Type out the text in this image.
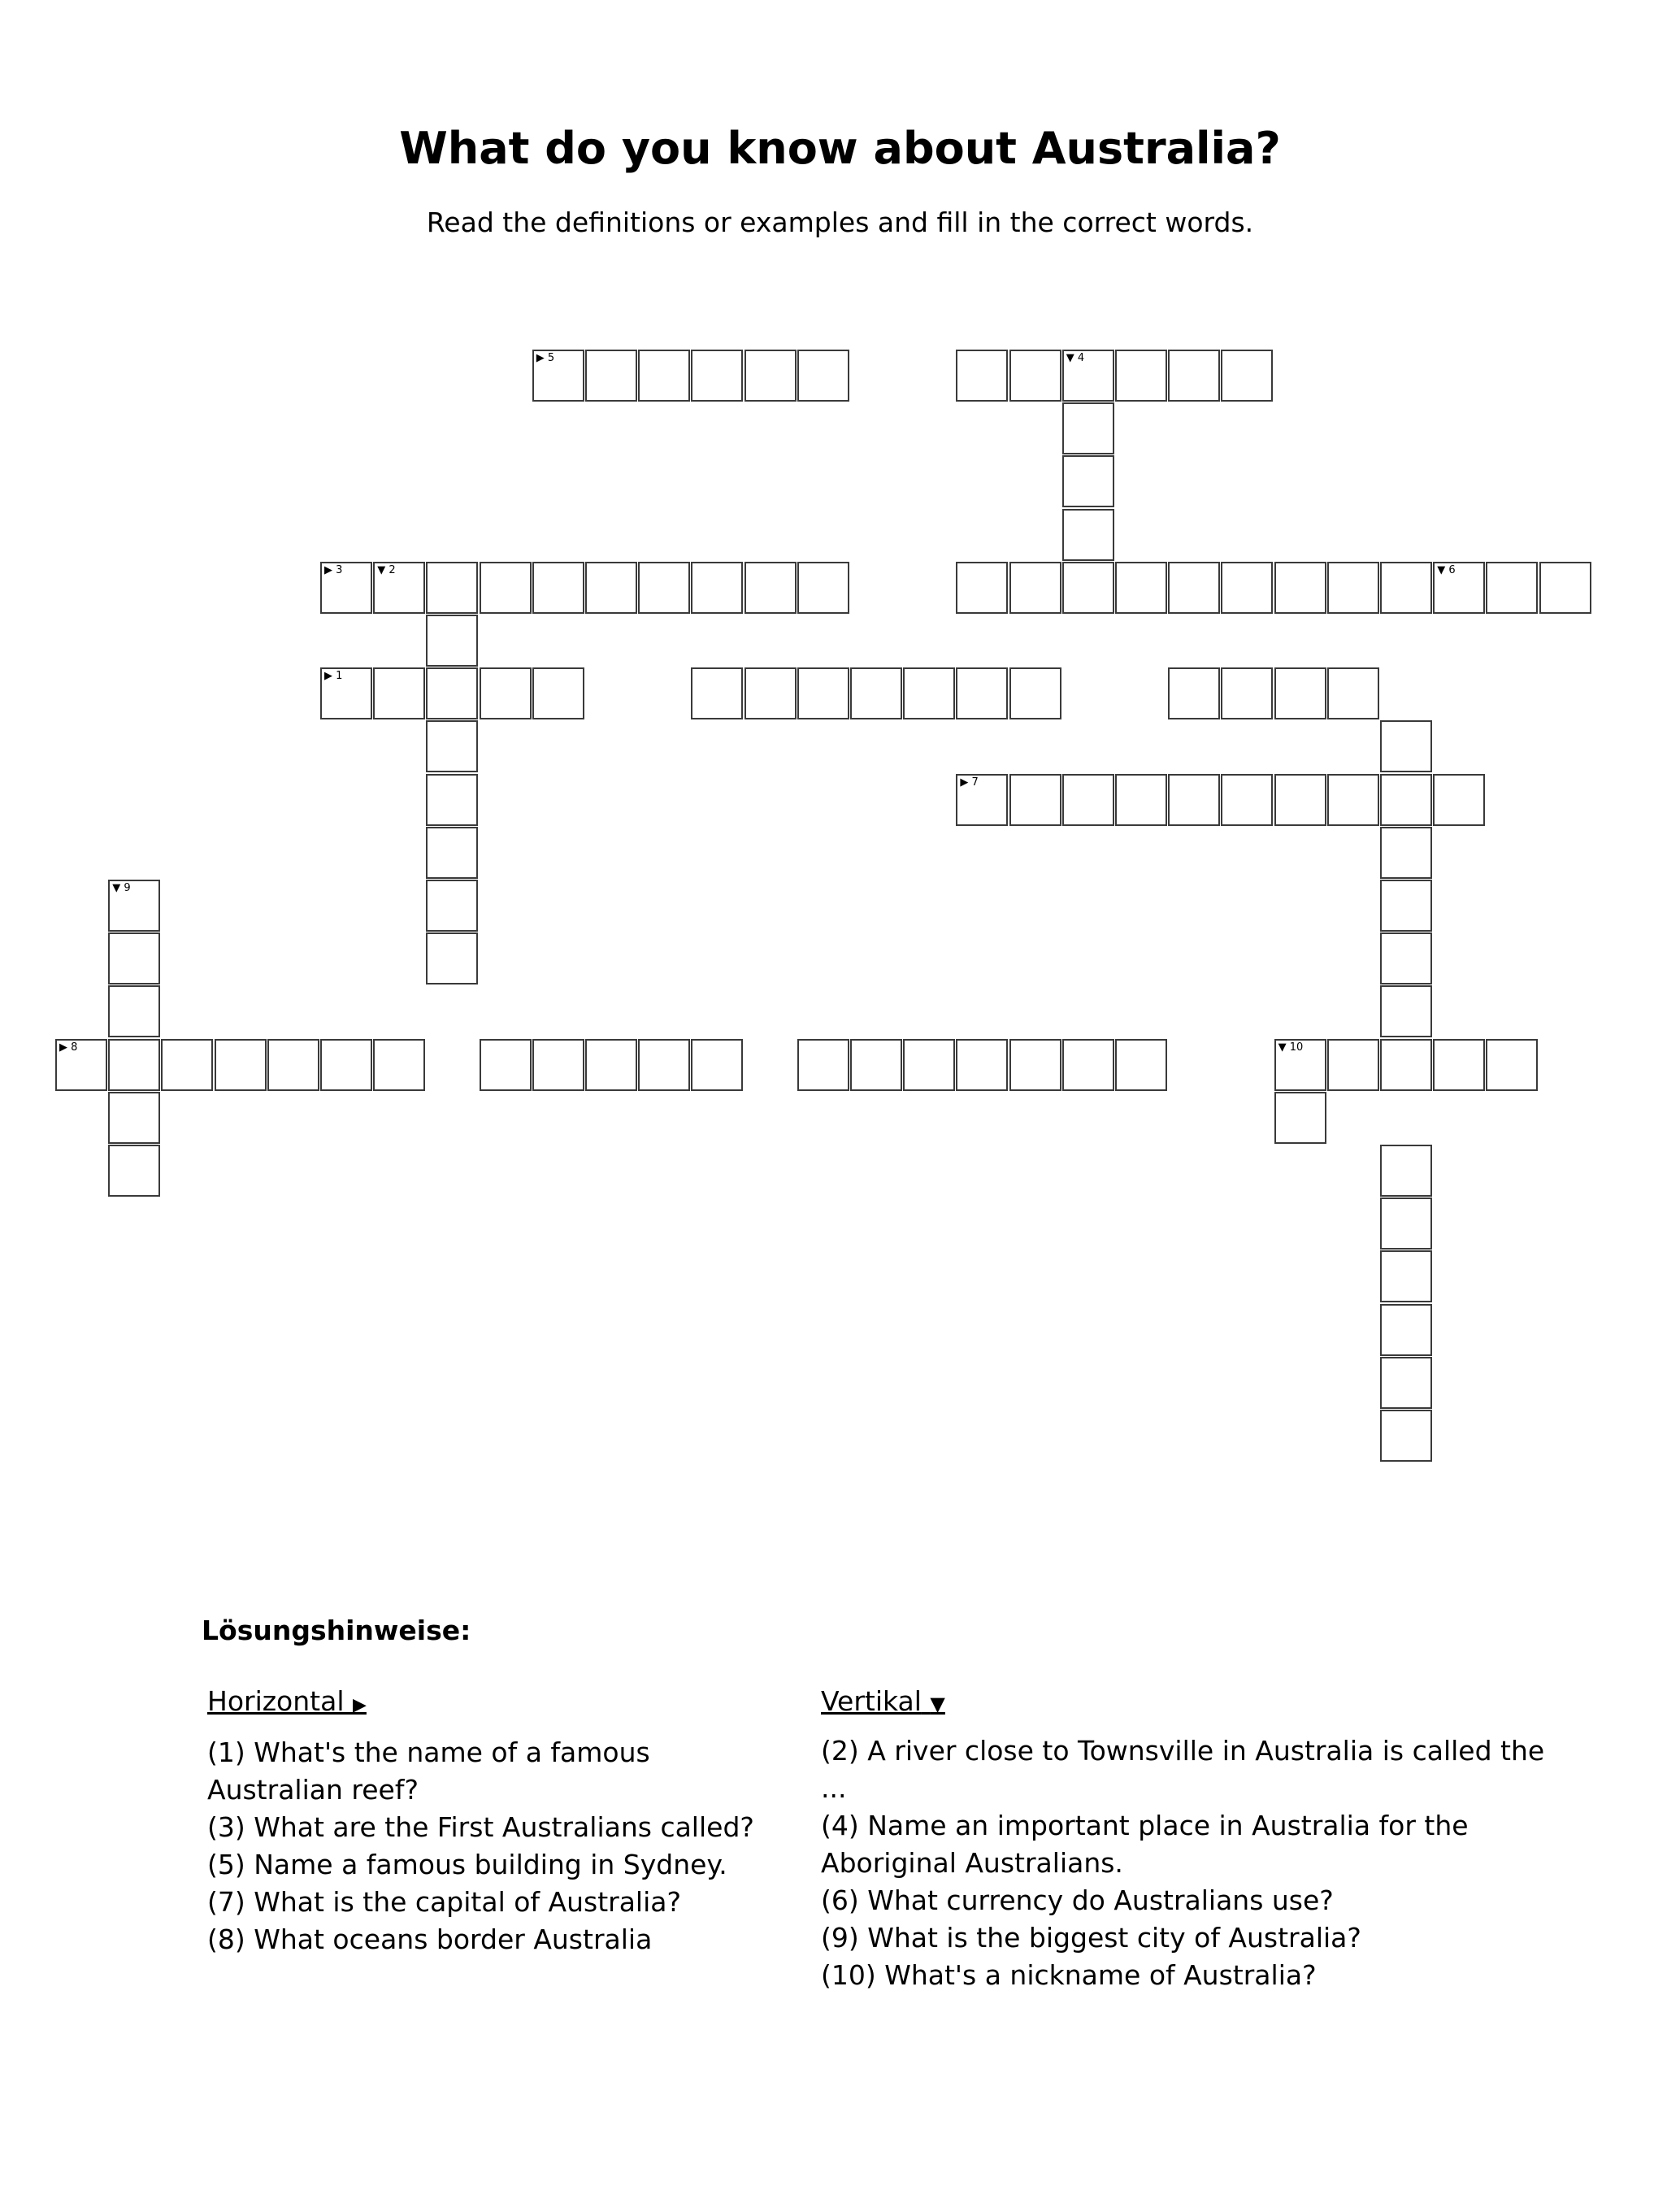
What do you know about Australia?
Read the definitions or examples and fill in the correct words.
▶ 5	▼ 4
▶ 3	▼ 2	▼ 6
▶ 1
▶ 7
▼ 9
▶ 8	▼ 10
Lösungshinweise:
Horizontal ▶
(1) What's the name of a famous Australian reef?
(3) What are the First Australians called?
(5) Name a famous building in Sydney.
(7) What is the capital of Australia?
(8) What oceans border Australia
Vertikal ▼
(2) A river close to Townsville in Australia is called the ...
(4) Name an important place in Australia for the Aboriginal Australians.
(6) What currency do Australians use?
(9) What is the biggest city of Australia?
(10) What's a nickname of Australia?
